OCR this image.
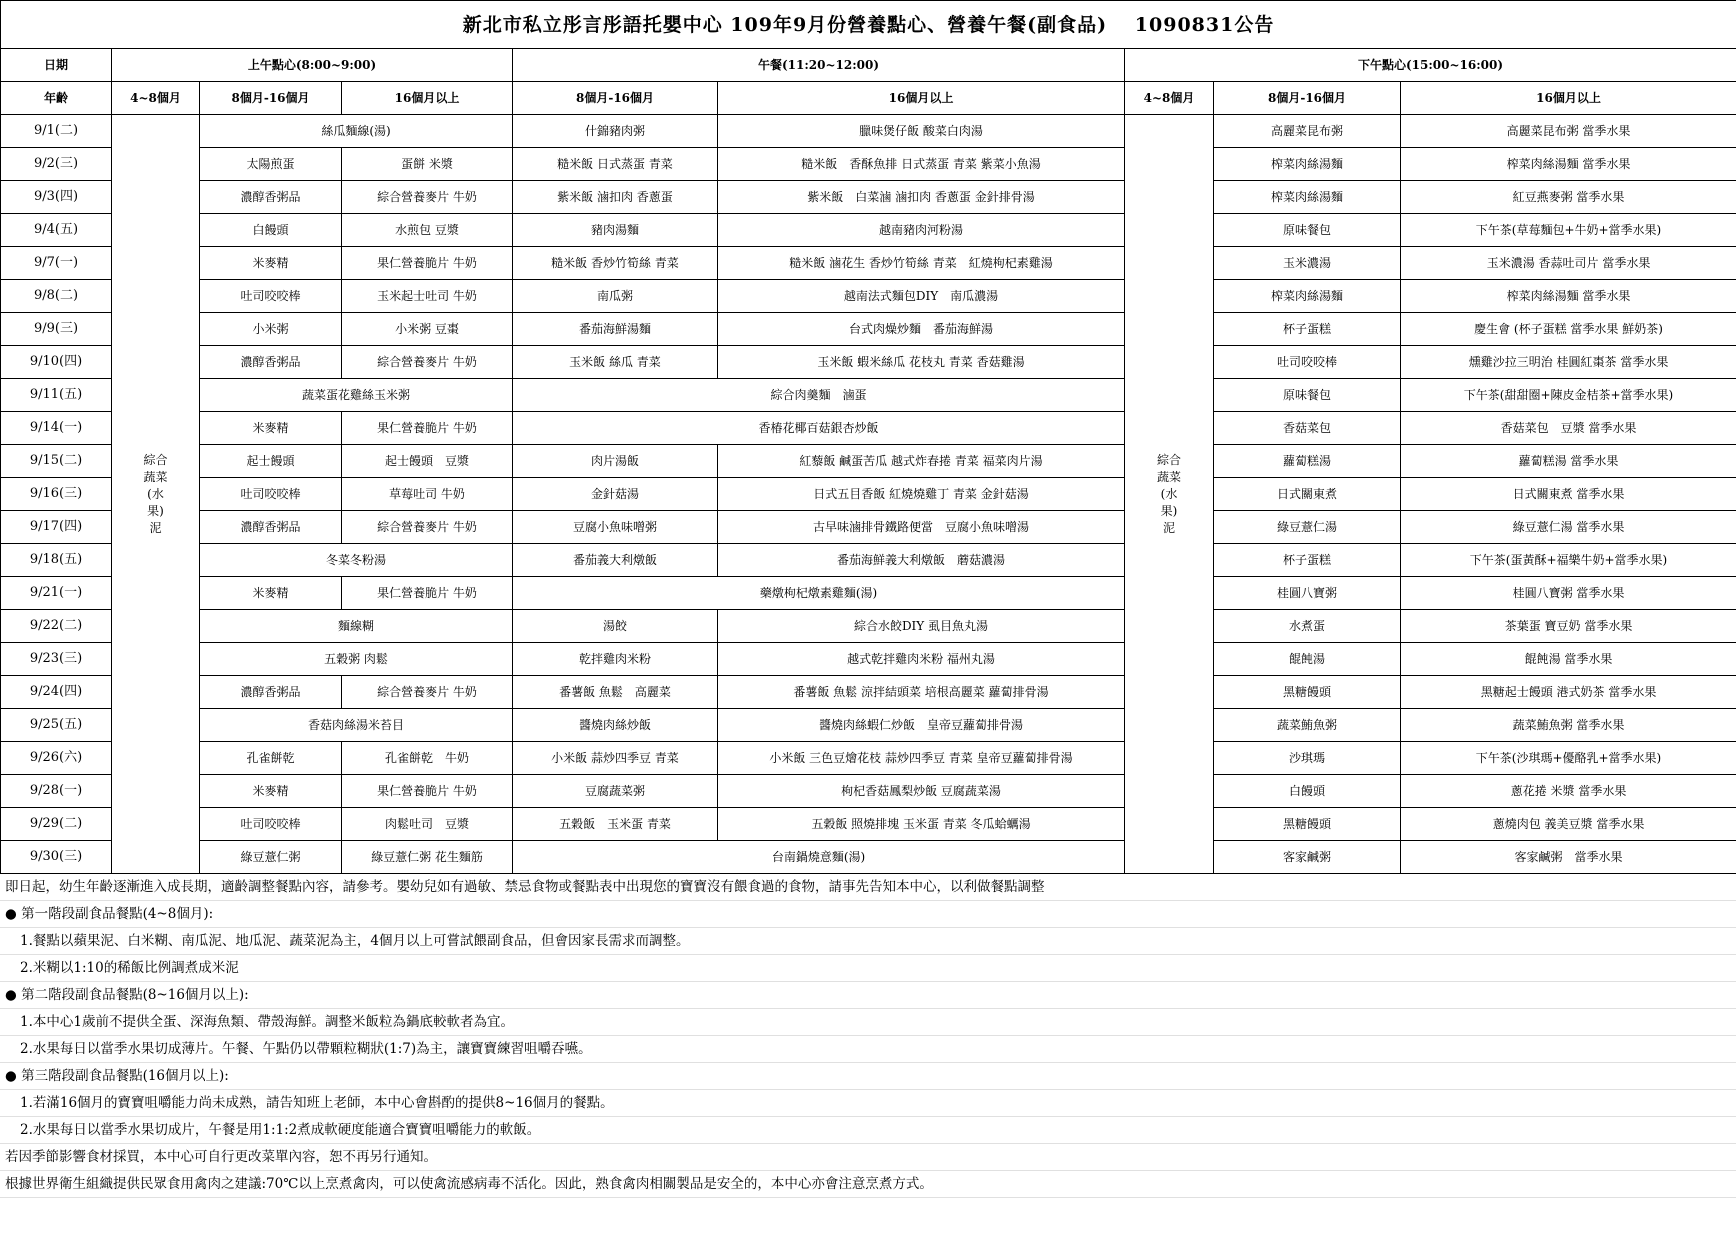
新北市私立彤言彤語托嬰中心 109年9月份營養點心、營養午餐(副食品)　 1090831公告								
日期	上午點心(8:00~9:00)			午餐(11:20~12:00)		下午點心(15:00~16:00)		
年齡	4~8個月	8個月-16個月	16個月以上	8個月-16個月	16個月以上	4~8個月	8個月-16個月	16個月以上
9/1(二)	綜合蔬菜(水果)泥	絲瓜麵線(湯)		什錦豬肉粥	臘味煲仔飯 酸菜白肉湯	綜合蔬菜(水果)泥	高麗菜昆布粥	高麗菜昆布粥 當季水果
9/2(三)		太陽煎蛋	蛋餅 米漿	糙米飯 日式蒸蛋 青菜	糙米飯　香酥魚排 日式蒸蛋 青菜 紫菜小魚湯		榨菜肉絲湯麵	榨菜肉絲湯麵 當季水果
9/3(四)		濃醇香粥品	綜合營養麥片 牛奶	紫米飯 滷扣肉 香蔥蛋	紫米飯　白菜滷 滷扣肉 香蔥蛋 金針排骨湯		榨菜肉絲湯麵	紅豆燕麥粥 當季水果
9/4(五)		白饅頭	水煎包 豆漿	豬肉湯麵	越南豬肉河粉湯		原味餐包	下午茶(草莓麵包+牛奶+當季水果)
9/7(一)		米麥精	果仁營養脆片 牛奶	糙米飯 香炒竹筍絲 青菜	糙米飯 滷花生 香炒竹筍絲 青菜　紅燒枸杞素雞湯		玉米濃湯	玉米濃湯 香蒜吐司片 當季水果
9/8(二)		吐司咬咬棒	玉米起士吐司 牛奶	南瓜粥	越南法式麵包DIY　南瓜濃湯		榨菜肉絲湯麵	榨菜肉絲湯麵 當季水果
9/9(三)		小米粥	小米粥 豆棗	番茄海鮮湯麵	台式肉燥炒麵　番茄海鮮湯		杯子蛋糕	慶生會 (杯子蛋糕 當季水果 鮮奶茶)
9/10(四)		濃醇香粥品	綜合營養麥片 牛奶	玉米飯 絲瓜 青菜	玉米飯 蝦米絲瓜 花枝丸 青菜 香菇雞湯		吐司咬咬棒	燻雞沙拉三明治 桂圓紅棗茶 當季水果
9/11(五)		蔬菜蛋花雞絲玉米粥		綜合肉羹麵　滷蛋			原味餐包	下午茶(甜甜圈+陳皮金桔茶+當季水果)
9/14(一)		米麥精	果仁營養脆片 牛奶	香椿花椰百菇銀杏炒飯			香菇菜包	香菇菜包　豆漿 當季水果
9/15(二)		起士饅頭	起士饅頭　豆漿	肉片湯飯	紅藜飯 鹹蛋苦瓜 越式炸春捲 青菜 福菜肉片湯		蘿蔔糕湯	蘿蔔糕湯 當季水果
9/16(三)		吐司咬咬棒	草莓吐司 牛奶	金針菇湯	日式五目香飯 紅燒燒雞丁 青菜 金針菇湯		日式關東煮	日式關東煮 當季水果
9/17(四)		濃醇香粥品	綜合營養麥片 牛奶	豆腐小魚味噌粥	古早味滷排骨鐵路便當　豆腐小魚味噌湯		綠豆薏仁湯	綠豆薏仁湯 當季水果
9/18(五)		冬菜冬粉湯		番茄義大利燉飯	番茄海鮮義大利燉飯　蘑菇濃湯		杯子蛋糕	下午茶(蛋黃酥+福樂牛奶+當季水果)
9/21(一)		米麥精	果仁營養脆片 牛奶	藥燉枸杞燉素雞麵(湯)			桂圓八寶粥	桂圓八寶粥 當季水果
9/22(二)		麵線糊		湯餃	綜合水餃DIY 虱目魚丸湯		水煮蛋	茶葉蛋 寶豆奶 當季水果
9/23(三)		五穀粥 肉鬆		乾拌雞肉米粉	越式乾拌雞肉米粉 福州丸湯		餛飩湯	餛飩湯 當季水果
9/24(四)		濃醇香粥品	綜合營養麥片 牛奶	番薯飯 魚鬆　高麗菜	番薯飯 魚鬆 涼拌結頭菜 培根高麗菜 蘿蔔排骨湯		黑糖饅頭	黑糖起士饅頭 港式奶茶 當季水果
9/25(五)		香菇肉絲湯米苔目		醬燒肉絲炒飯	醬燒肉絲蝦仁炒飯　皇帝豆蘿蔔排骨湯		蔬菜鮪魚粥	蔬菜鮪魚粥 當季水果
9/26(六)		孔雀餅乾	孔雀餅乾　牛奶	小米飯 蒜炒四季豆 青菜	小米飯 三色豆燴花枝 蒜炒四季豆 青菜 皇帝豆蘿蔔排骨湯		沙琪瑪	下午茶(沙琪瑪+優酪乳+當季水果)
9/28(一)		米麥精	果仁營養脆片 牛奶	豆腐蔬菜粥	枸杞香菇鳳梨炒飯 豆腐蔬菜湯		白饅頭	蔥花捲 米漿 當季水果
9/29(二)		吐司咬咬棒	肉鬆吐司　豆漿	五穀飯　玉米蛋 青菜	五穀飯 照燒排塊 玉米蛋 青菜 冬瓜蛤蠣湯		黑糖饅頭	蔥燒肉包 義美豆漿 當季水果
9/30(三)		綠豆薏仁粥	綠豆薏仁粥 花生麵筋	台南鍋燒意麵(湯)			客家鹹粥	客家鹹粥　當季水果
即日起，幼生年齡逐漸進入成長期，適齡調整餐點內容，請參考。嬰幼兒如有過敏、禁忌食物或餐點表中出現您的寶寶沒有餵食過的食物，請事先告知本中心，以利做餐點調整
● 第一階段副食品餐點(4~8個月):
1.餐點以蘋果泥、白米糊、南瓜泥、地瓜泥、蔬菜泥為主，4個月以上可嘗試餵副食品，但會因家長需求而調整。
2.米糊以1:10的稀飯比例調煮成米泥
● 第二階段副食品餐點(8~16個月以上):
1.本中心1歲前不提供全蛋、深海魚類、帶殼海鮮。調整米飯粒為鍋底較軟者為宜。
2.水果每日以當季水果切成薄片。午餐、午點仍以帶顆粒糊狀(1:7)為主，讓寶寶練習咀嚼吞嚥。
● 第三階段副食品餐點(16個月以上):
1.若滿16個月的寶寶咀嚼能力尚未成熟，請告知班上老師，本中心會斟酌的提供8~16個月的餐點。
2.水果每日以當季水果切成片，午餐是用1:1:2煮成軟硬度能適合寶寶咀嚼能力的軟飯。
若因季節影響食材採買，本中心可自行更改菜單內容，恕不再另行通知。
根據世界衛生組織提供民眾食用禽肉之建議:70℃以上烹煮禽肉，可以使禽流感病毒不活化。因此，熟食禽肉相關製品是安全的，本中心亦會注意烹煮方式。
